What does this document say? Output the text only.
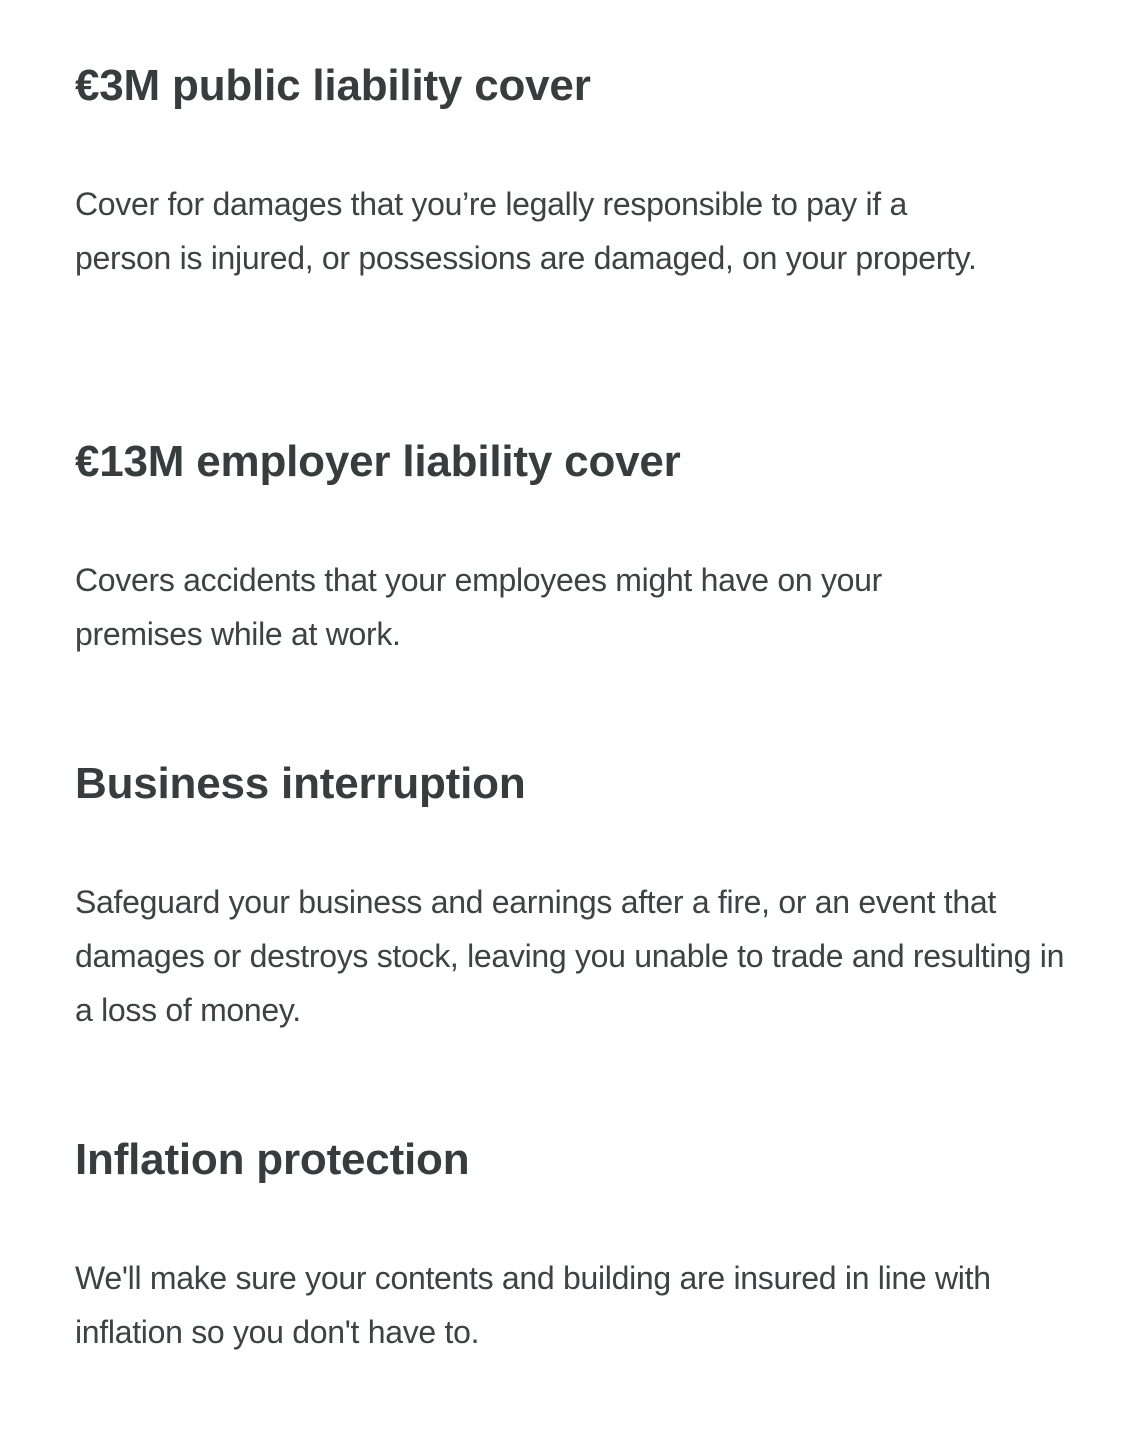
€3M public liability cover

Cover for damages that you’re legally responsible to pay if a person is injured, or possessions are damaged, on your property.

€13M employer liability cover

Covers accidents that your employees might have on your premises while at work.

Business interruption

Safeguard your business and earnings after a fire, or an event that damages or destroys stock, leaving you unable to trade and resulting in a loss of money.

Inflation protection

We'll make sure your contents and building are insured in line with inflation so you don't have to.
